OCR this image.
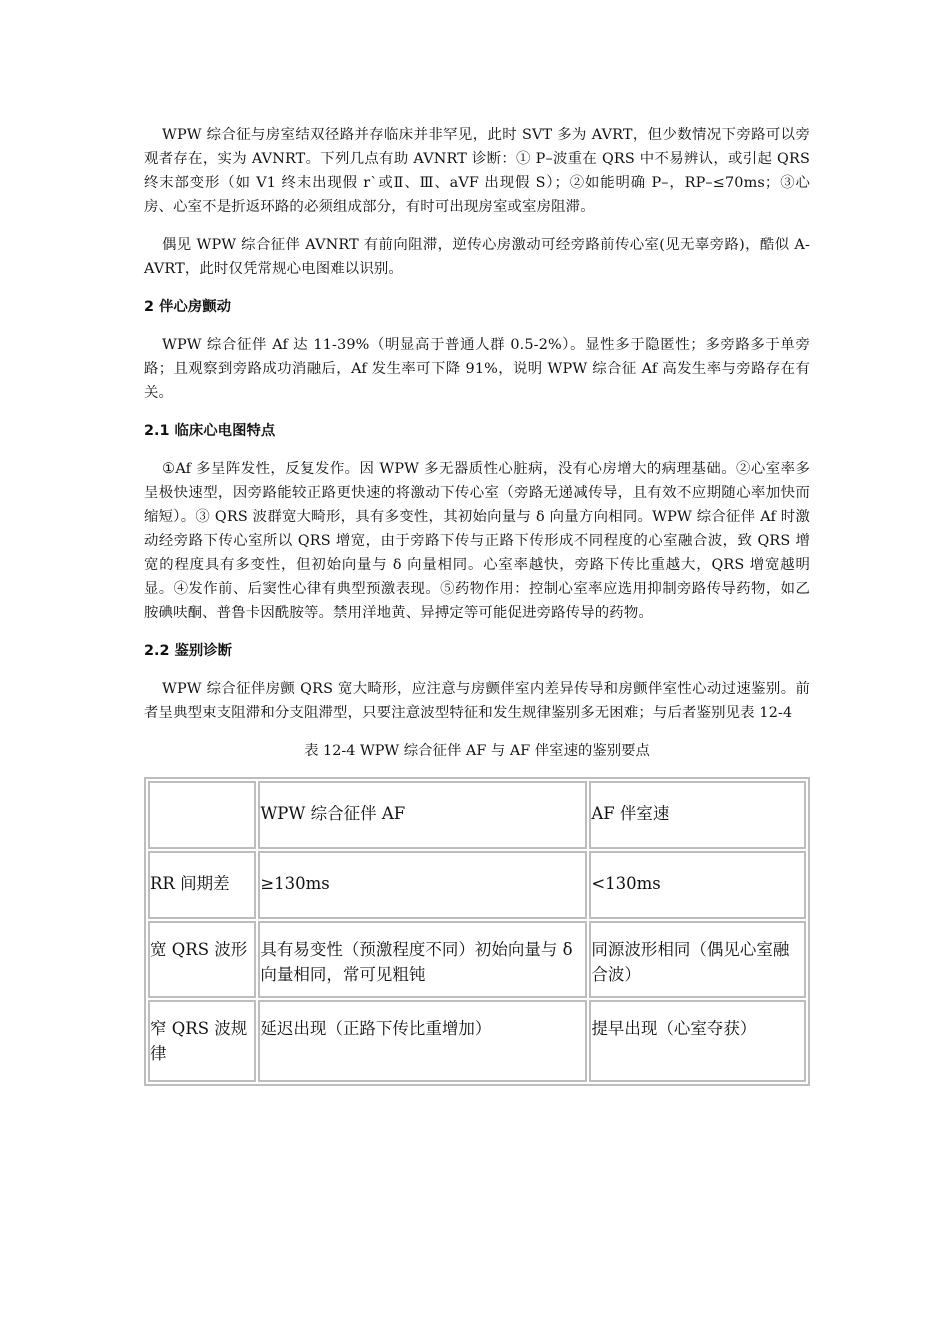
WPW 综合征与房室结双径路并存临床并非罕见，此时 SVT 多为 AVRT，但少数情况下旁路可以旁观者存在，实为 AVNRT。下列几点有助 AVNRT 诊断：① P–波重在 QRS 中不易辨认，或引起 QRS 终末部变形（如 V1 终末出现假 r`或Ⅱ、Ⅲ、aVF 出现假 S）；②如能明确 P–，RP–≤70ms；③心房、心室不是折返环路的必须组成部分，有时可出现房室或室房阻滞。

偶见 WPW 综合征伴 AVNRT 有前向阻滞，逆传心房激动可经旁路前传心室(见无辜旁路)，酷似 A-AVRT，此时仅凭常规心电图难以识别。

2 伴心房颤动

WPW 综合征伴 Af 达 11-39%（明显高于普通人群 0.5-2%）。显性多于隐匿性；多旁路多于单旁路；且观察到旁路成功消融后，Af 发生率可下降 91%，说明 WPW 综合征 Af 高发生率与旁路存在有关。

2.1 临床心电图特点

①Af 多呈阵发性，反复发作。因 WPW 多无器质性心脏病，没有心房增大的病理基础。②心室率多呈极快速型，因旁路能较正路更快速的将激动下传心室（旁路无递减传导，且有效不应期随心率加快而缩短）。③ QRS 波群宽大畸形，具有多变性，其初始向量与 δ 向量方向相同。WPW 综合征伴 Af 时激动经旁路下传心室所以 QRS 增宽，由于旁路下传与正路下传形成不同程度的心室融合波，致 QRS 增宽的程度具有多变性，但初始向量与 δ 向量相同。心室率越快，旁路下传比重越大，QRS 增宽越明显。④发作前、后窦性心律有典型预激表现。⑤药物作用：控制心室率应选用抑制旁路传导药物，如乙胺碘呋酮、普鲁卡因酰胺等。禁用洋地黄、异搏定等可能促进旁路传导的药物。

2.2 鉴别诊断

WPW 综合征伴房颤 QRS 宽大畸形，应注意与房颤伴室内差异传导和房颤伴室性心动过速鉴别。前者呈典型束支阻滞和分支阻滞型，只要注意波型特征和发生规律鉴别多无困难；与后者鉴别见表 12-4

表 12-4 WPW 综合征伴 AF 与 AF 伴室速的鉴别要点
	WPW 综合征伴 AF	AF 伴室速
RR 间期差	≥130ms	<130ms
宽 QRS 波形	具有易变性（预激程度不同）初始向量与 δ 向量相同，常可见粗钝	同源波形相同（偶见心室融合波）
窄 QRS 波规律	延迟出现（正路下传比重增加）	提早出现（心室夺获）
